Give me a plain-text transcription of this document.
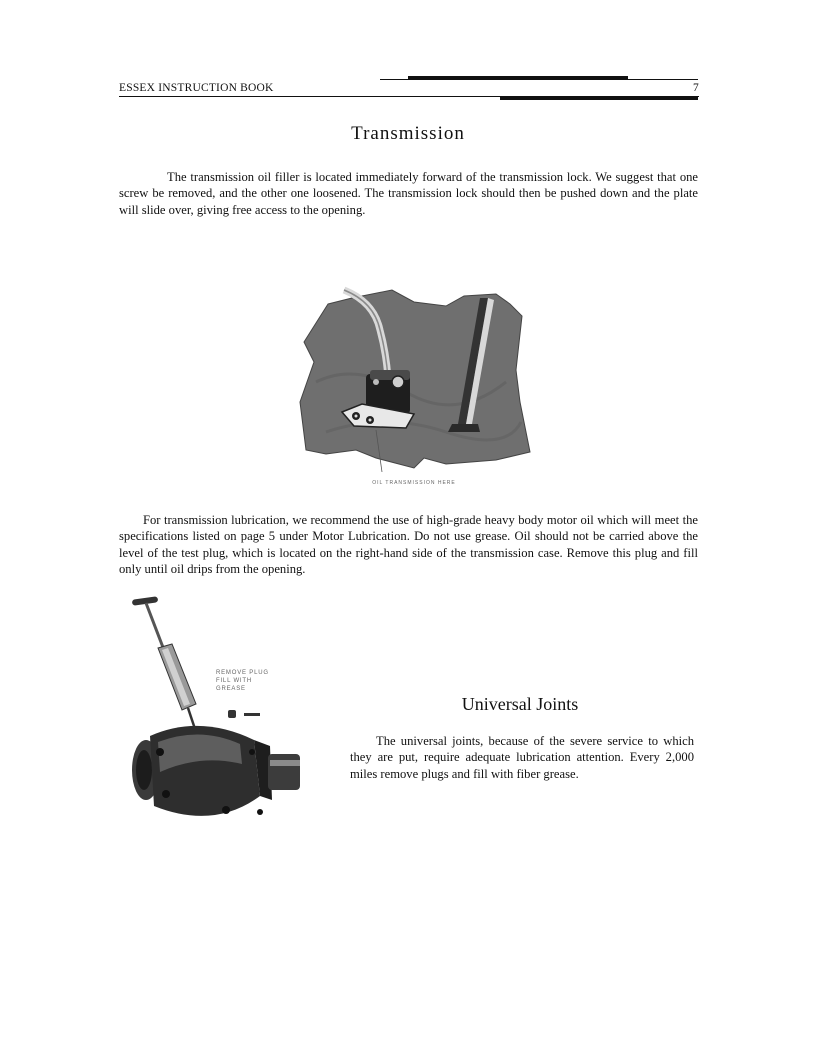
ESSEX INSTRUCTION BOOK	7
Transmission

The transmission oil filler is located immediately forward of the transmission lock. We suggest that one screw be removed, and the other one loosened. The transmission lock should then be pushed down and the plate will slide over, giving free access to the opening.

OIL TRANSMISSION HERE

For transmission lubrication, we recommend the use of high-grade heavy body motor oil which will meet the specifications listed on page 5 under Motor Lubrication. Do not use grease. Oil should not be carried above the level of the test plug, which is located on the right-hand side of the transmission case. Remove this plug and fill only until oil drips from the opening.

REMOVE PLUG
FILL WITH
GREASE
Universal Joints

The universal joints, because of the severe service to which they are put, require adequate lubrication attention. Every 2,000 miles remove plugs and fill with fiber grease.
